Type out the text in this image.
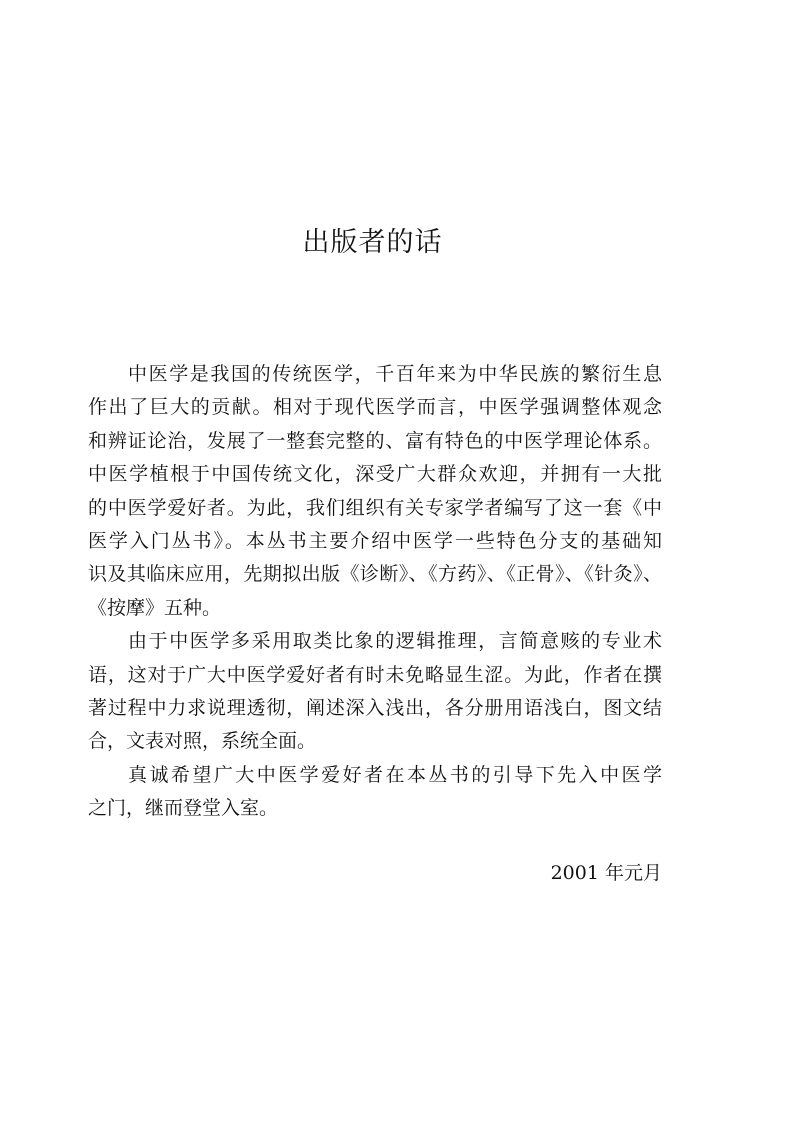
出版者的话
中医学是我国的传统医学，千百年来为中华民族的繁衍生息
作出了巨大的贡献。相对于现代医学而言，中医学强调整体观念
和辨证论治，发展了一整套完整的、富有特色的中医学理论体系。
中医学植根于中国传统文化，深受广大群众欢迎，并拥有一大批
的中医学爱好者。为此，我们组织有关专家学者编写了这一套《中
医学入门丛书》。本丛书主要介绍中医学一些特色分支的基础知
识及其临床应用，先期拟出版《诊断》、《方药》、《正骨》、《针灸》、
《按摩》五种。
由于中医学多采用取类比象的逻辑推理，言简意赅的专业术
语，这对于广大中医学爱好者有时未免略显生涩。为此，作者在撰
著过程中力求说理透彻，阐述深入浅出，各分册用语浅白，图文结
合，文表对照，系统全面。
真诚希望广大中医学爱好者在本丛书的引导下先入中医学
之门，继而登堂入室。
2001 年元月
